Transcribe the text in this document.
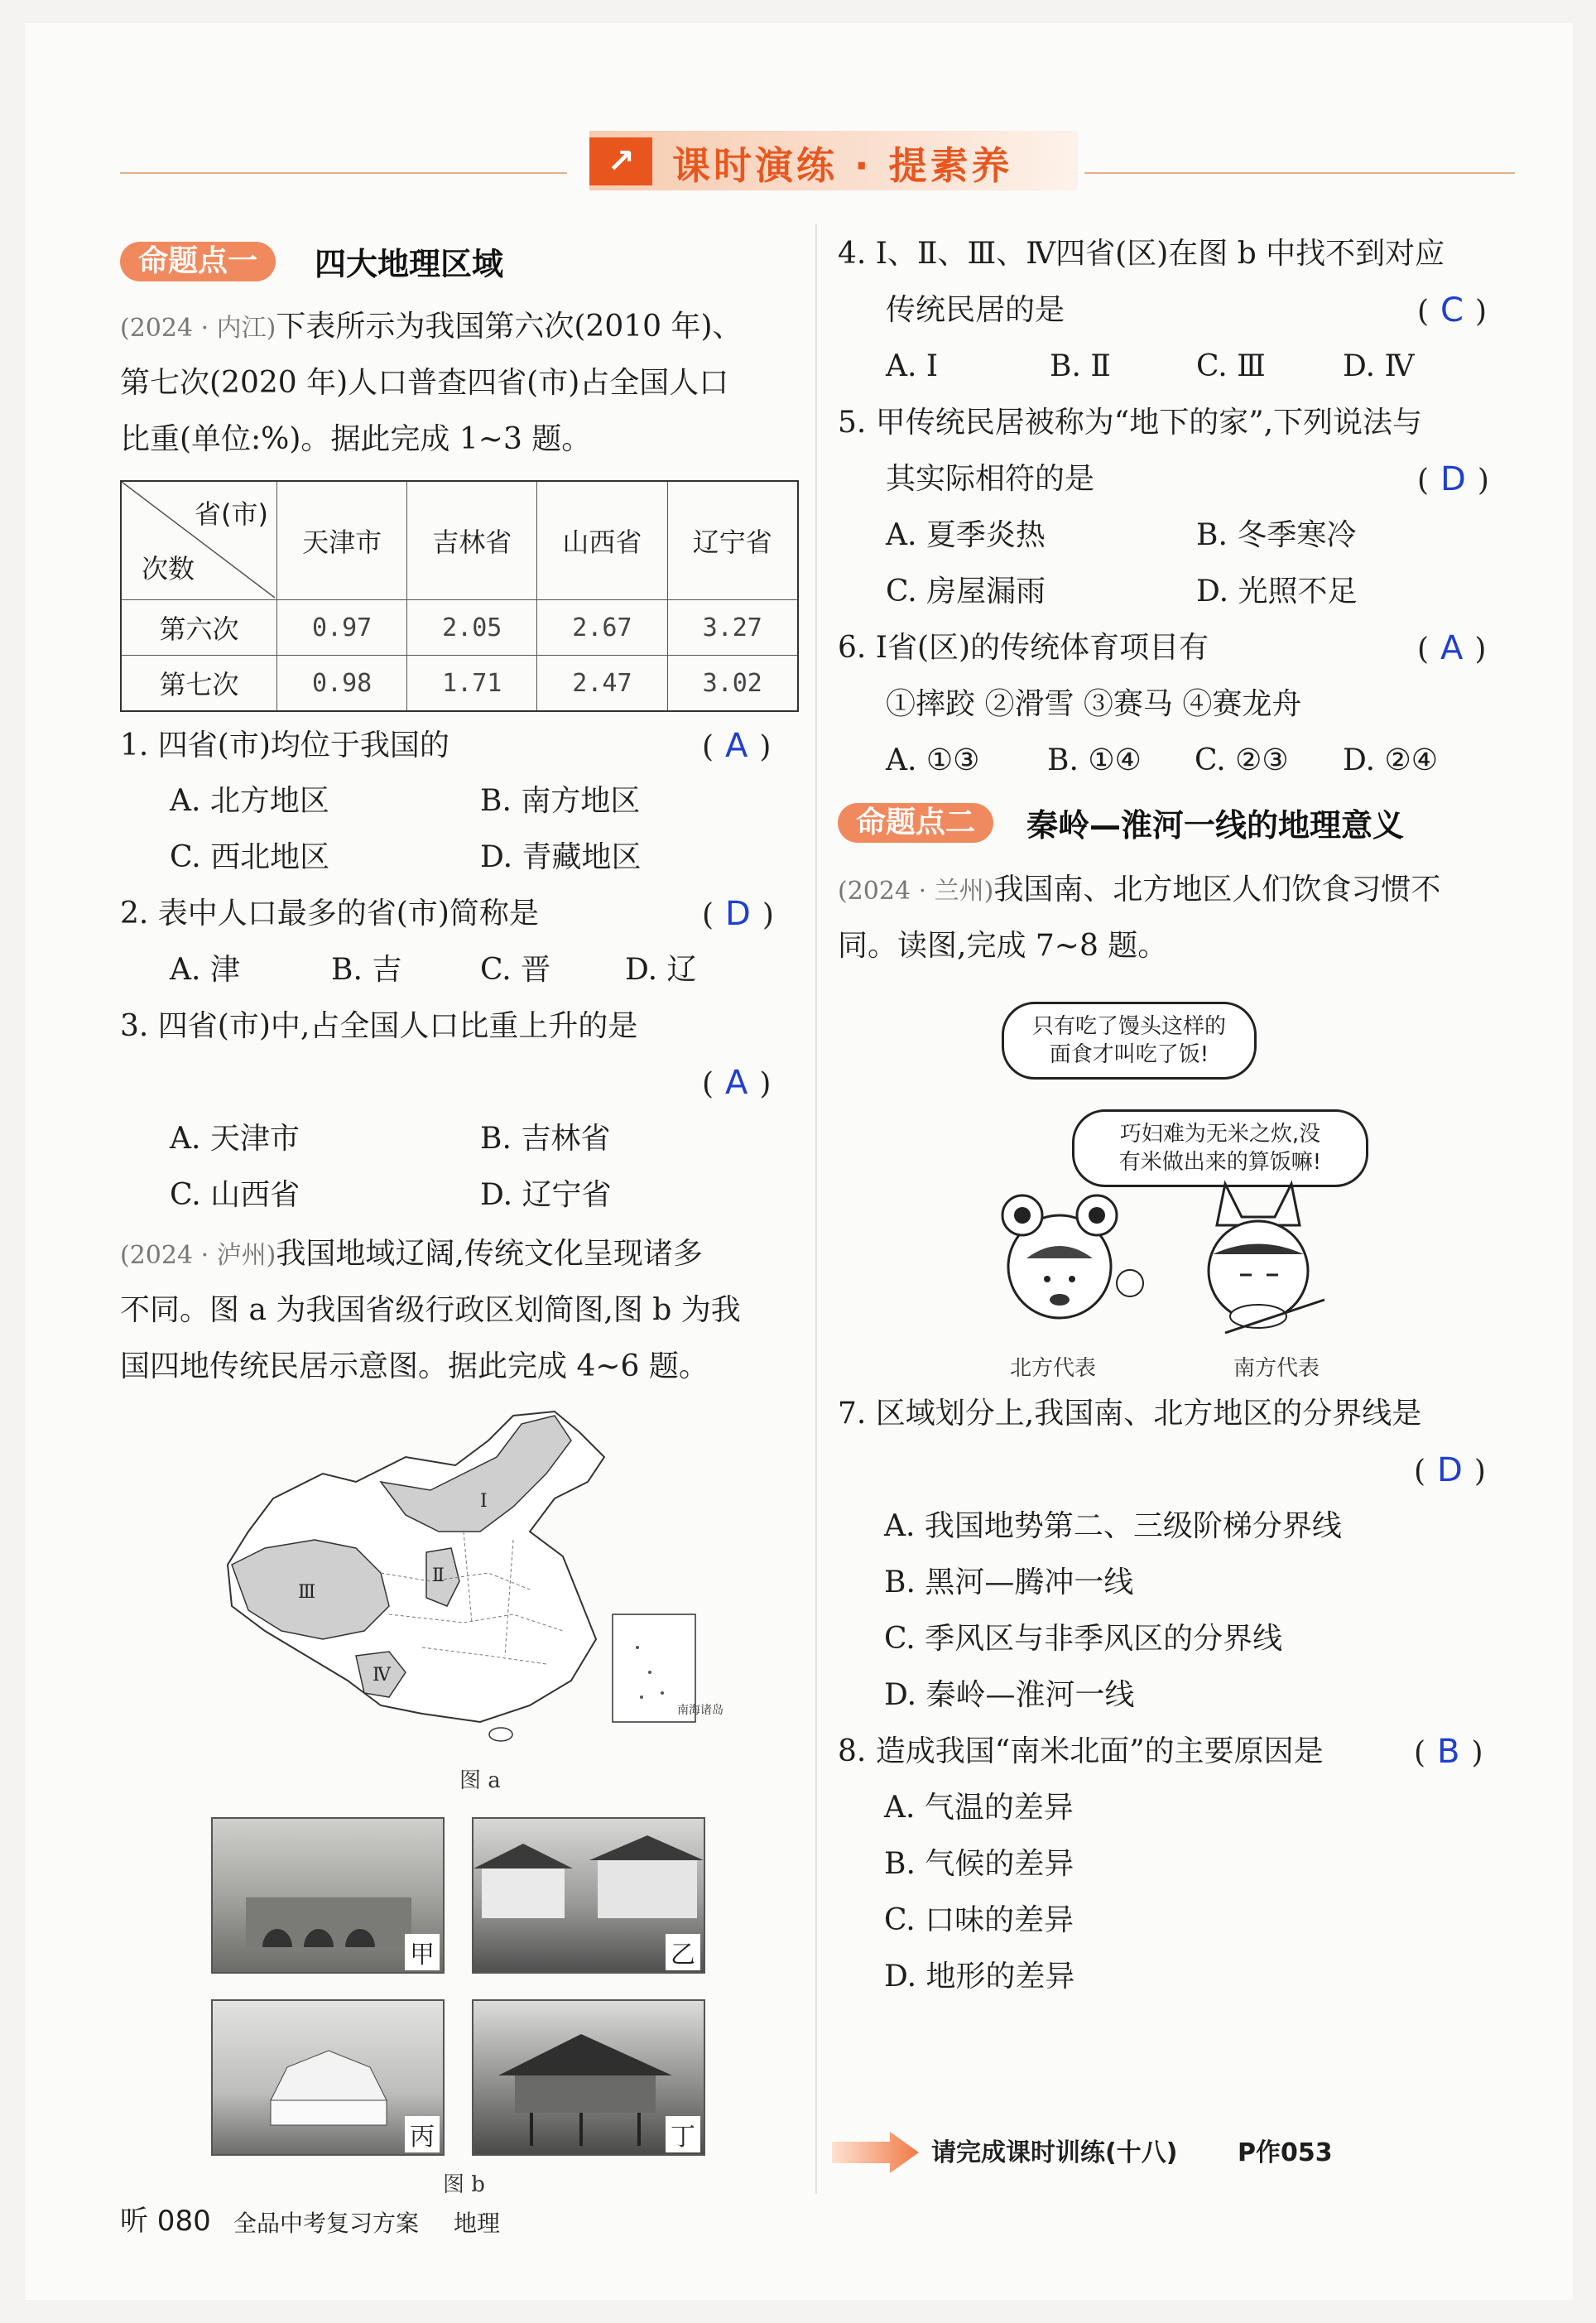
↗ 课时演练 · 提素养
命题点一	四大地理区域
(2024 · 内江)下表所示为我国第六次(2010 年)、
第七次(2020 年)人口普查四省(市)占全国人口
比重(单位:%)。据此完成 1~3 题。
省(市)
次数	天津市	吉林省	山西省	辽宁省
第六次	0.97	2.05	2.67	3.27
第七次	0.98	1.71	2.47	3.02
1. 四省(市)均位于我国的	( A )
A. 北方地区	B. 南方地区
C. 西北地区	D. 青藏地区
2. 表中人口最多的省(市)简称是	( D )
A. 津	B. 吉	C. 晋 D. 辽
3. 四省(市)中,占全国人口比重上升的是
( A )
A. 天津市	B. 吉林省
C. 山西省	D. 辽宁省
(2024 · 泸州)我国地域辽阔,传统文化呈现诸多
不同。图 a 为我国省级行政区划简图,图 b 为我
国四地传统民居示意图。据此完成 4~6 题。
南海诸岛
Ⅰ
Ⅱ
Ⅲ
Ⅳ
图 a
甲	乙
丙	丁
图 b
4. Ⅰ、Ⅱ、Ⅲ、Ⅳ四省(区)在图 b 中找不到对应
传统民居的是	( C )
A. Ⅰ	B. Ⅱ	C. Ⅲ	D. Ⅳ
5. 甲传统民居被称为“地下的家”,下列说法与
其实际相符的是	( D )
A. 夏季炎热	B. 冬季寒冷
C. 房屋漏雨	D. 光照不足
6. Ⅰ省(区)的传统体育项目有	( A )
①摔跤 ②滑雪 ③赛马 ④赛龙舟
A. ①③ B. ①④ C. ②③ D. ②④
命题点二	秦岭—淮河一线的地理意义
(2024 · 兰州)我国南、北方地区人们饮食习惯不
同。读图,完成 7~8 题。
只有吃了馒头这样的
面食才叫吃了饭!
巧妇难为无米之炊,没
有米做出来的算饭嘛!
北方代表	南方代表
7. 区域划分上,我国南、北方地区的分界线是
( D )
A. 我国地势第二、三级阶梯分界线
B. 黑河—腾冲一线
C. 季风区与非季风区的分界线
D. 秦岭—淮河一线
8. 造成我国“南米北面”的主要原因是	( B )
A. 气温的差异
B. 气候的差异
C. 口味的差异
D. 地形的差异
请完成课时训练(十八) P作053
听 080 全品中考复习方案 地理
